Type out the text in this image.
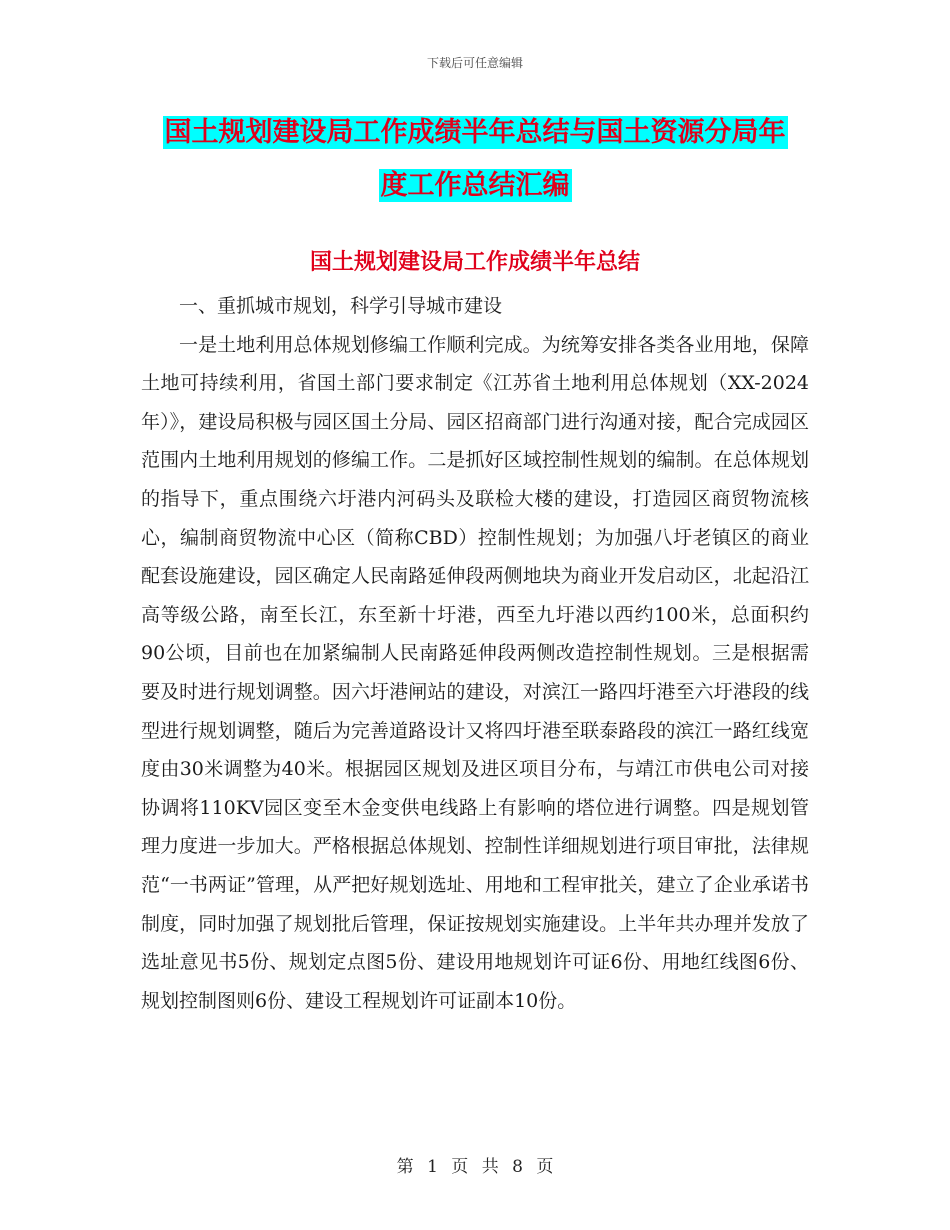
下载后可任意编辑
国土规划建设局工作成绩半年总结与国土资源分局年
度工作总结汇编
国土规划建设局工作成绩半年总结

一、重抓城市规划，科学引导城市建设

一是土地利用总体规划修编工作顺利完成。为统筹安排各类各业用地，保障土地可持续利用，省国土部门要求制定《江苏省土地利用总体规划（XX-2024年）》，建设局积极与园区国土分局、园区招商部门进行沟通对接，配合完成园区范围内土地利用规划的修编工作。二是抓好区域控制性规划的编制。在总体规划的指导下，重点围绕六圩港内河码头及联检大楼的建设，打造园区商贸物流核心，编制商贸物流中心区（简称CBD）控制性规划；为加强八圩老镇区的商业配套设施建设，园区确定人民南路延伸段两侧地块为商业开发启动区，北起沿江高等级公路，南至长江，东至新十圩港，西至九圩港以西约100米，总面积约90公顷，目前也在加紧编制人民南路延伸段两侧改造控制性规划。三是根据需要及时进行规划调整。因六圩港闸站的建设，对滨江一路四圩港至六圩港段的线型进行规划调整，随后为完善道路设计又将四圩港至联泰路段的滨江一路红线宽度由30米调整为40米。根据园区规划及进区项目分布，与靖江市供电公司对接协调将110KV园区变至木金变供电线路上有影响的塔位进行调整。四是规划管理力度进一步加大。严格根据总体规划、控制性详细规划进行项目审批，法律规范“一书两证”管理，从严把好规划选址、用地和工程审批关，建立了企业承诺书制度，同时加强了规划批后管理，保证按规划实施建设。上半年共办理并发放了选址意见书5份、规划定点图5份、建设用地规划许可证6份、用地红线图6份、规划控制图则6份、建设工程规划许可证副本10份。

第 1 页 共 8 页
